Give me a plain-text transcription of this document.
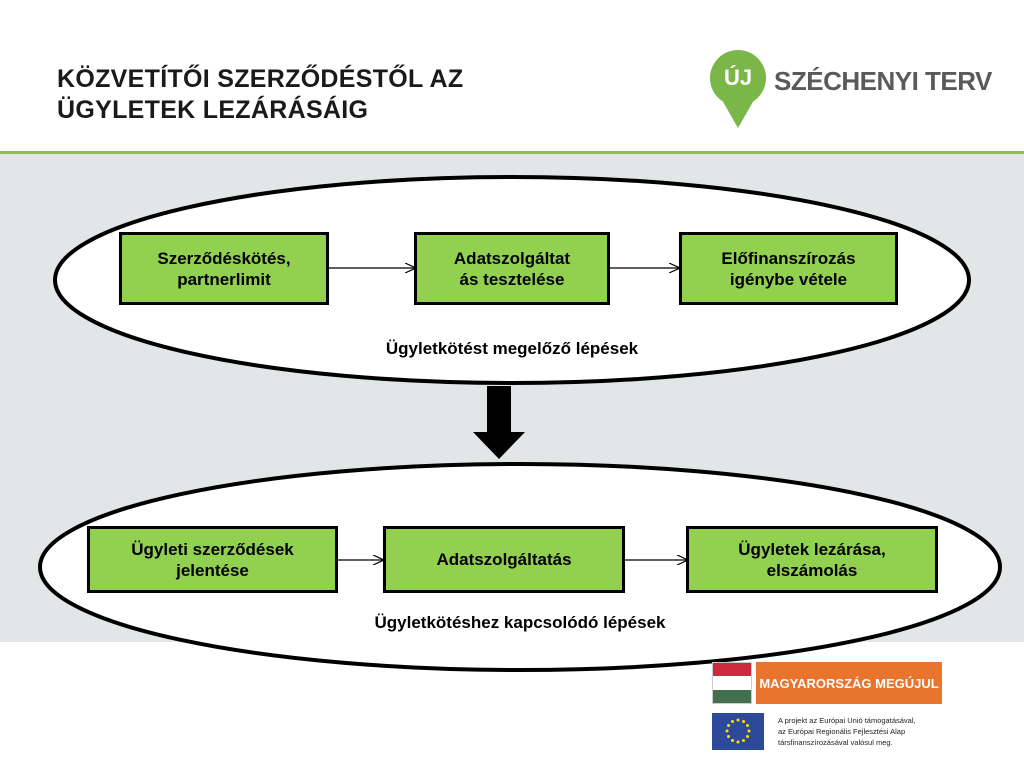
KÖZVETÍTŐI SZERZŐDÉSTŐL AZ
ÜGYLETEK LEZÁRÁSÁIG
ÚJ SZÉCHENYI TERV
Szerződéskötés,
partnerlimit
Adatszolgáltat
ás tesztelése
Előfinanszírozás
igénybe vétele
Ügyletkötést megelőző lépések
Ügyleti szerződések
jelentése
Adatszolgáltatás
Ügyletek lezárása,
elszámolás
Ügyletkötéshez kapcsolódó lépések
MAGYARORSZÁG MEGÚJUL
A projekt az Európai Unió támogatásával,
az Európai Regionális Fejlesztési Alap
társfinanszírozásával valósul meg.
